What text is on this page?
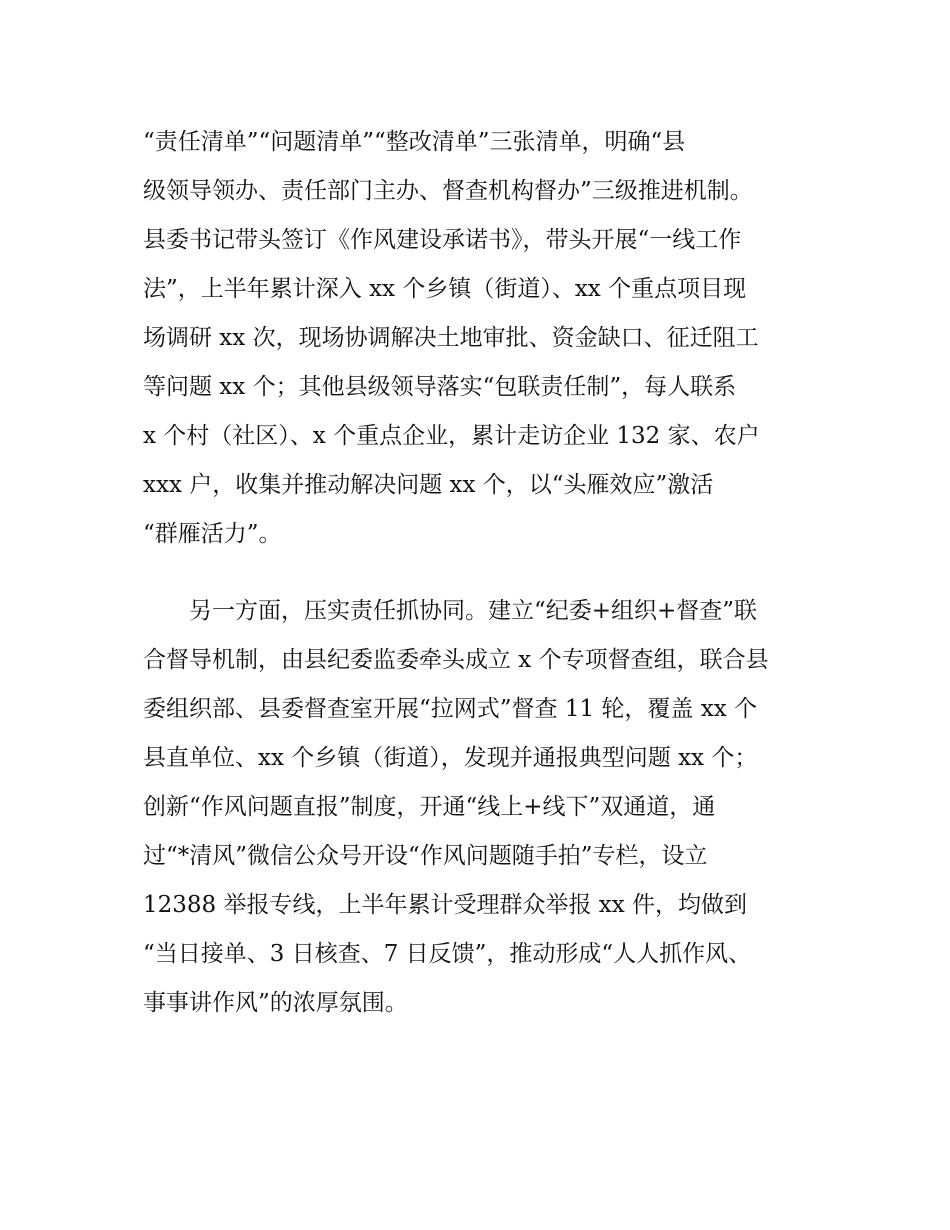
“责任清单”“问题清单”“整改清单”三张清单，明确“县
级领导领办、责任部门主办、督查机构督办”三级推进机制。
县委书记带头签订《作风建设承诺书》，带头开展“一线工作
法”，上半年累计深入 xx 个乡镇（街道）、xx 个重点项目现
场调研 xx 次，现场协调解决土地审批、资金缺口、征迁阻工
等问题 xx 个；其他县级领导落实“包联责任制”，每人联系
x 个村（社区）、x 个重点企业，累计走访企业 132 家、农户
xxx 户，收集并推动解决问题 xx 个，以“头雁效应”激活
“群雁活力”。
　　另一方面，压实责任抓协同。建立“纪委+组织+督查”联
合督导机制，由县纪委监委牵头成立 x 个专项督查组，联合县
委组织部、县委督查室开展“拉网式”督查 11 轮，覆盖 xx 个
县直单位、xx 个乡镇（街道），发现并通报典型问题 xx 个；
创新“作风问题直报”制度，开通“线上+线下”双通道，通
过“*清风”微信公众号开设“作风问题随手拍”专栏，设立
12388 举报专线，上半年累计受理群众举报 xx 件，均做到
“当日接单、3 日核查、7 日反馈”，推动形成“人人抓作风、
事事讲作风”的浓厚氛围。
